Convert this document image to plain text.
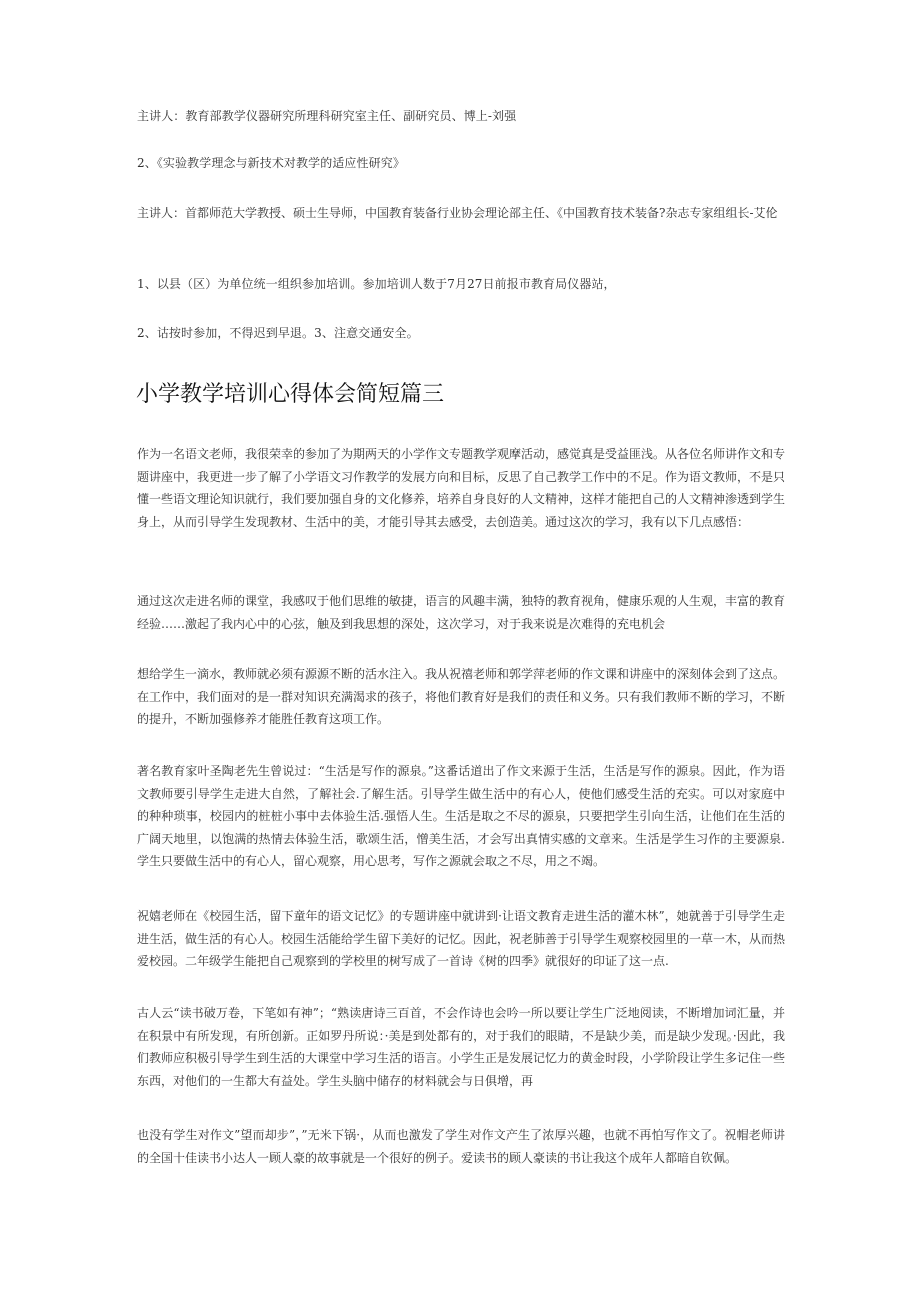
主讲人：教育部教学仪器研究所理科研究室主任、副研究员、博上-刘强
2、《实验教学理念与新技术对教学的适应性研究》

主讲人：首都师范大学教授、硕士生导师，中国教育装备行业协会理论部主任、《中国教育技术装备?杂志专家组组长-艾伦

1、以县（区）为单位统一组织参加培训。参加培训人数于7月27日前报市教育局仪器站，
2、诂按时参加，不得迟到早退。3、注意交通安全。
小学教学培训心得体会简短篇三

作为一名语文老师，我很荣幸的参加了为期两天的小学作文专题教学观摩活动，感觉真是受益匪浅。从各位名师讲作文和专题讲座中，我更进一步了解了小学语文习作教学的发展方向和目标，反思了自己教学工作中的不足。作为语文教师，不是只懂一些语文理论知识就行，我们要加强自身的文化修养，培养自身良好的人文精神，这样才能把自己的人文精神渗透到学生身上，从而引导学生发现教材、生活中的美，才能引导其去感受，去创造美。通过这次的学习，我有以下几点感悟：

通过这次走进名师的课堂，我感叹于他们思维的敏捷，语言的风趣丰满，独特的教育视角，健康乐观的人生观，丰富的教育经验……激起了我内心中的心弦，触及到我思想的深处，这次学习，对于我来说是次难得的充电机会

想给学生一滴水，教师就必须有源源不断的活水注入。我从祝禧老师和郭学萍老师的作文课和讲座中的深刻体会到了这点。在工作中，我们面对的是一群对知识充满渴求的孩子，将他们教育好是我们的责任和义务。只有我们教师不断的学习，不断的提升，不断加强修养才能胜任教育这项工作。

著名教育家叶圣陶老先生曾说过：“生活是写作的源泉。”这番话道出了作文来源于生活，生活是写作的源泉。因此，作为语文教师要引导学生走进大自然，了解社会.了解生活。引导学生做生活中的有心人，使他们感受生活的充实。可以对家庭中的种种琐事，校园内的桩桩小事中去体验生活.强悟人生。生活是取之不尽的源泉，只要把学生引向生活，让他们在生活的广阔天地里，以饱满的热情去体验生活，歌颂生活，憎美生活，才会写出真情实感的文章来。生活是学生习作的主要源泉.学生只要做生活中的有心人，留心观察，用心思考，写作之源就会取之不尽，用之不竭。

祝嬉老师在《校园生活，留下童年的语文记忆》的专题讲座中就讲到·让语文教育走进生活的灌木林”，她就善于引导学生走进生活，做生活的有心人。校园生活能给学生留下美好的记忆。因此，祝老肺善于引导学生观察校园里的一草一木，从而热爱校园。二年级学生能把自己观察到的学校里的树写成了一首诗《树的四季》就很好的印证了这一点.

古人云“读书破万卷，下笔如有神”；“熟读唐诗三百首，不会作诗也会吟一所以要让学生广泛地阅读，不断增加词汇量，并在积景中有所发现，有所创新。正如罗丹所说：·美是到处都有的，对于我们的眼睛，不是缺少美，而是缺少发现。·因此，我们教师应积极引导学生到生活的大课堂中学习生活的语言。小学生正是发展记忆力的黄金时段，小学阶段让学生多记住一些东西，对他们的一生都大有益处。学生头脑中储存的材料就会与日俱增，再

也没有学生对作文”望而却步”，”无米下锅·，从而也激发了学生对作文产生了浓厚兴趣，也就不再怕写作文了。祝帽老师讲的全国十佳读书小达人一顾人豪的故事就是一个很好的例子。爱读书的顾人豪读的书让我这个成年人都暗自钦佩。
